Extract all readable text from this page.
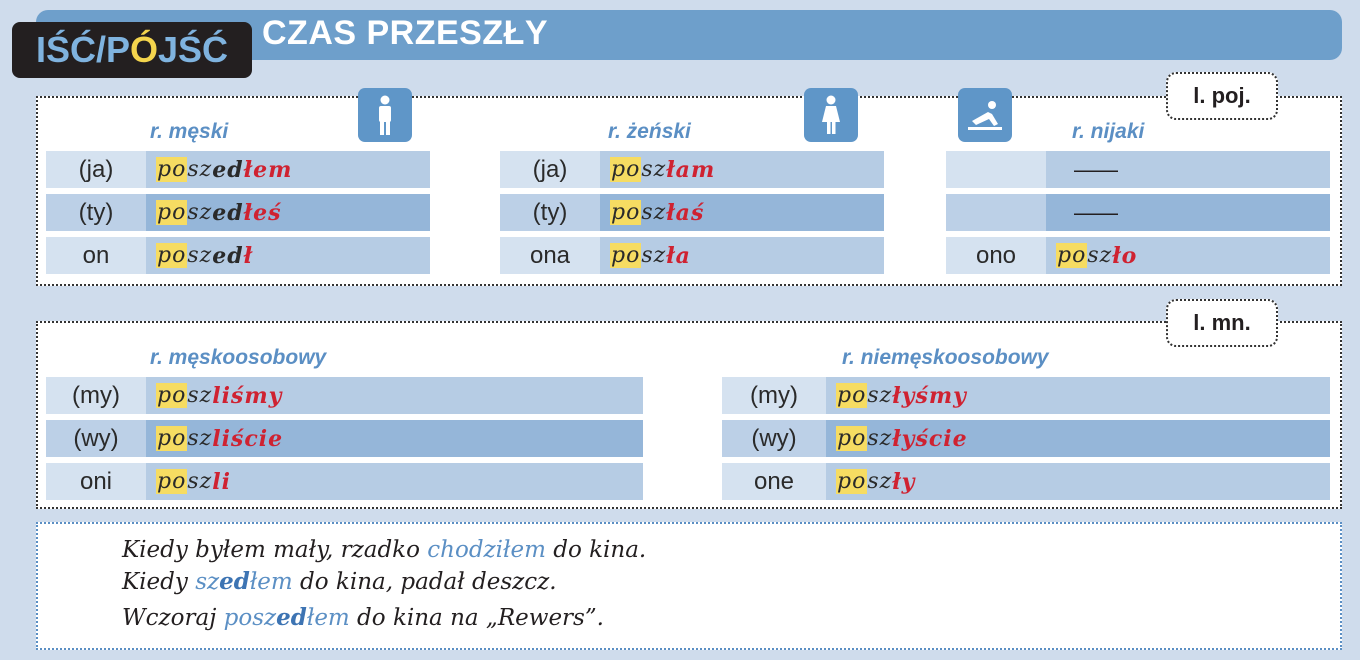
CZAS PRZESZŁY
IŚĆ / P Ó JŚĆ
l. poj.
r. męski
(ja)	po sz ed łem
(ty)	po sz ed łeś
on	po sz ed ł
r. żeński
(ja)	po sz łam
(ty)	po sz łaś
ona	po sz ła
r. nijaki
——
——
ono	po sz ło
l. mn.
r. męskoosobowy	r. niemęskoosobowy
(my)	po sz liśmy
(wy)	po sz liście
oni	po sz li
(my)	po sz łyśmy
(wy)	po sz łyście
one	po sz ły
Kiedy byłem mały, rzadko chodziłem do kina.
Kiedy szedłem do kina, padał deszcz.
Wczoraj poszedłem do kina na „Rewers”.
